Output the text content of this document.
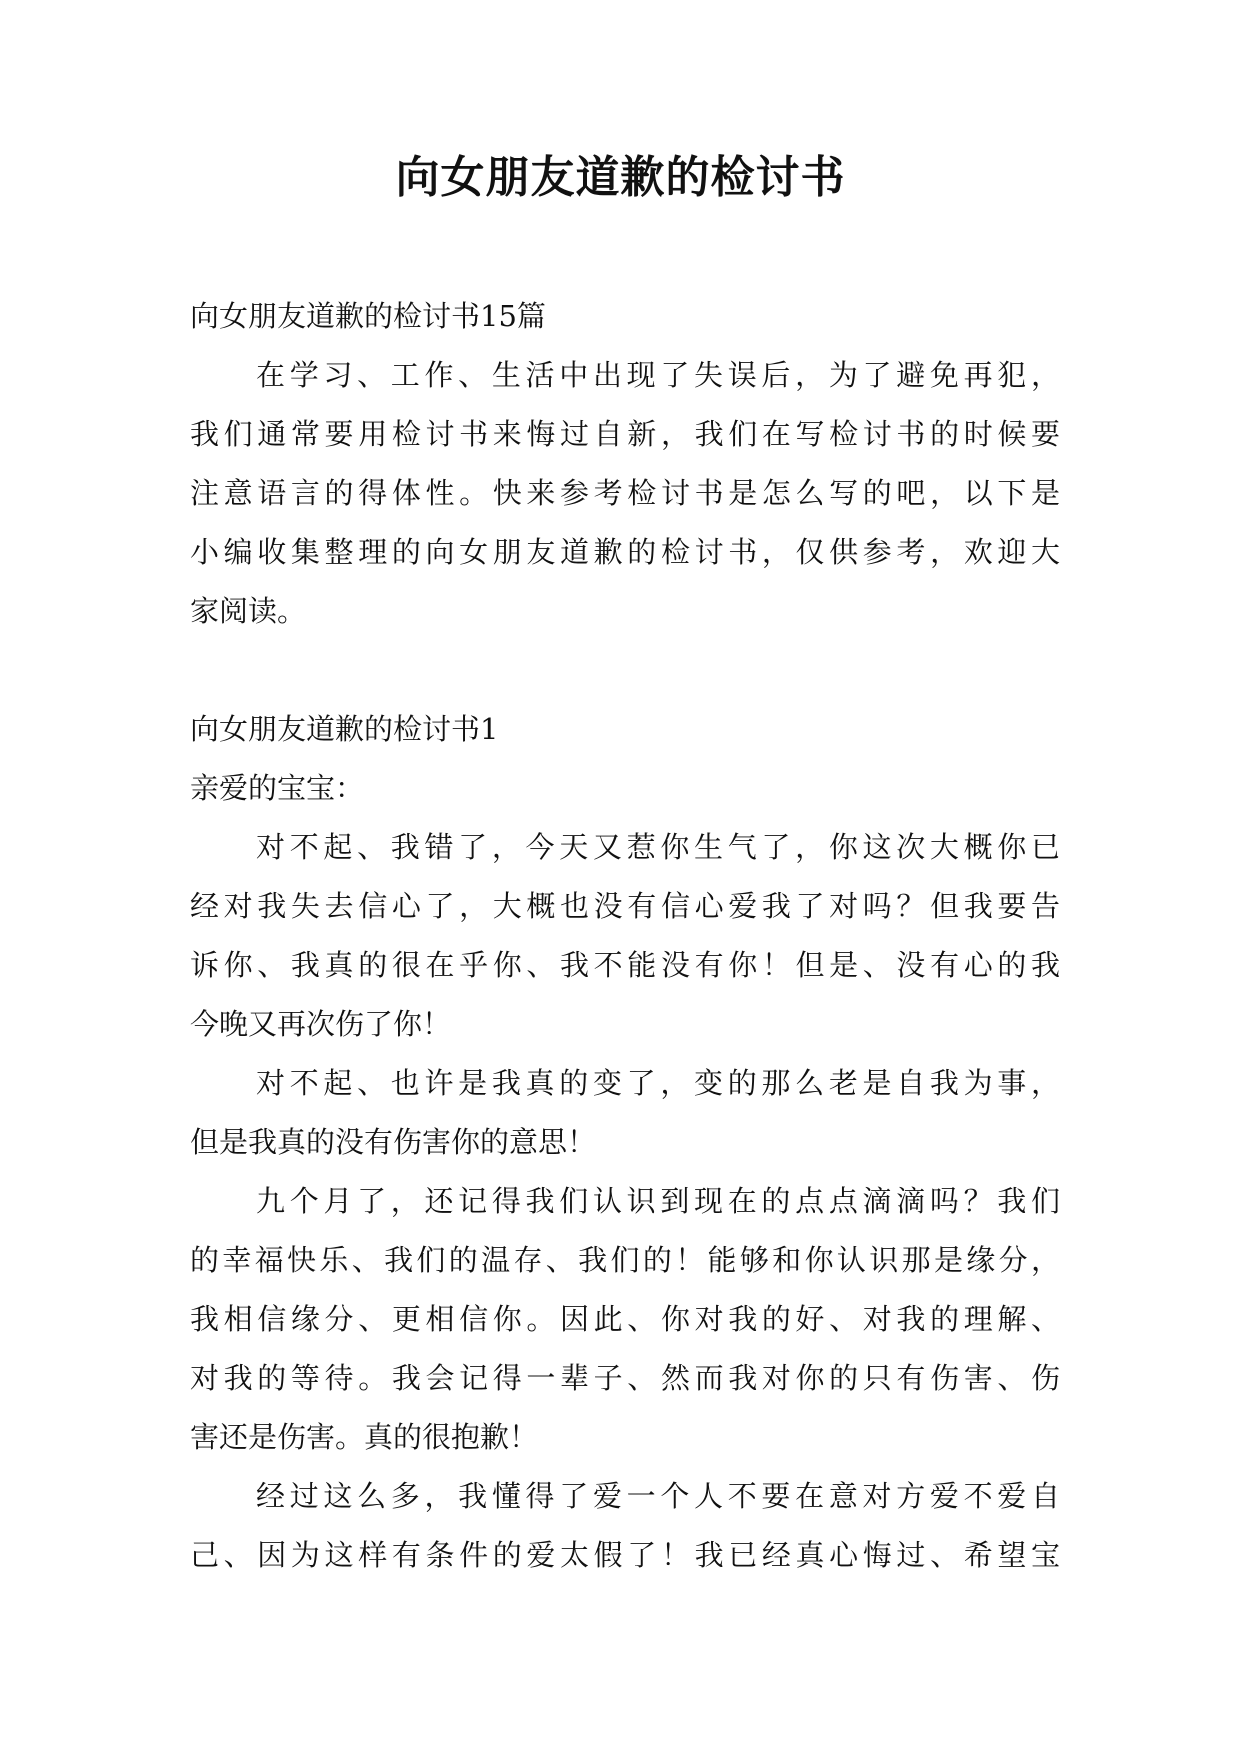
向女朋友道歉的检讨书
向女朋友道歉的检讨书15篇
在学习、工作、生活中出现了失误后，为了避免再犯，
我们通常要用检讨书来悔过自新，我们在写检讨书的时候要
注意语言的得体性。快来参考检讨书是怎么写的吧，以下是
小编收集整理的向女朋友道歉的检讨书，仅供参考，欢迎大
家阅读。
向女朋友道歉的检讨书1
亲爱的宝宝：
对不起、我错了，今天又惹你生气了，你这次大概你已
经对我失去信心了，大概也没有信心爱我了对吗？但我要告
诉你、我真的很在乎你、我不能没有你！但是、没有心的我
今晚又再次伤了你！
对不起、也许是我真的变了，变的那么老是自我为事，
但是我真的没有伤害你的意思！
九个月了，还记得我们认识到现在的点点滴滴吗？我们
的幸福快乐、我们的温存、我们的！能够和你认识那是缘分，
我相信缘分、更相信你。因此、你对我的好、对我的理解、
对我的等待。我会记得一辈子、然而我对你的只有伤害、伤
害还是伤害。真的很抱歉！
经过这么多，我懂得了爱一个人不要在意对方爱不爱自
己、因为这样有条件的爱太假了！我已经真心悔过、希望宝
